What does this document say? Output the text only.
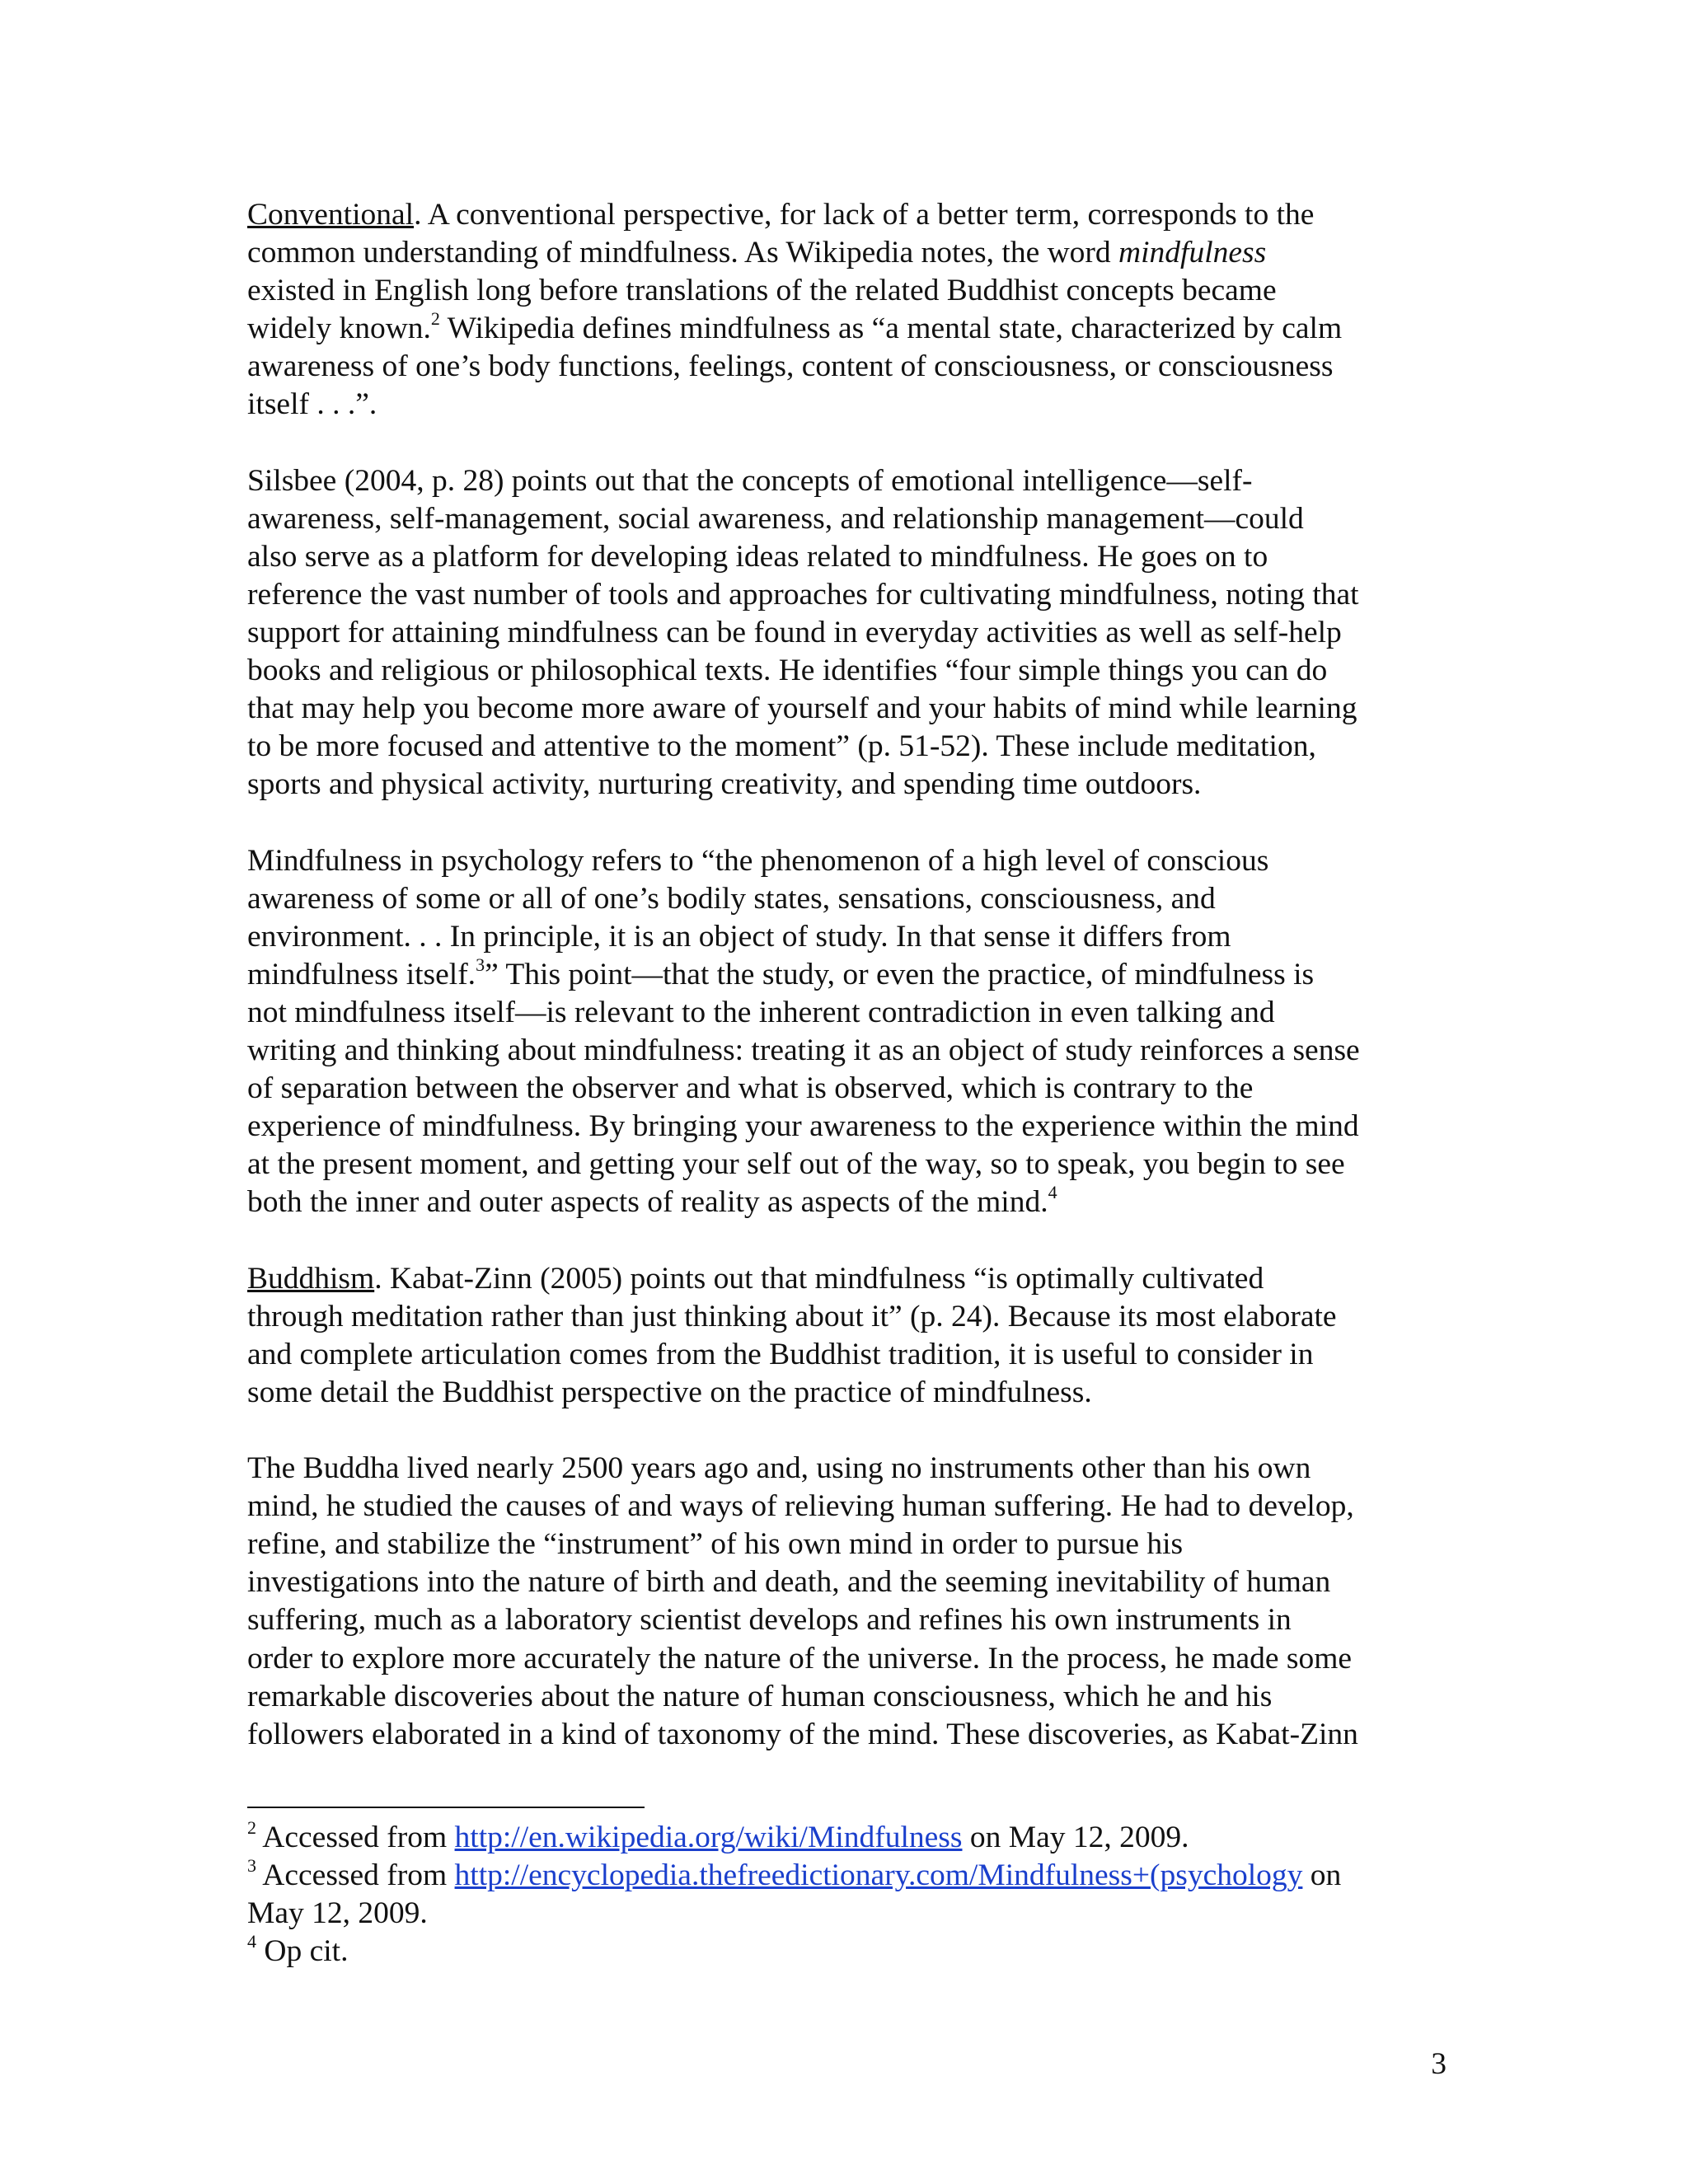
Conventional. A conventional perspective, for lack of a better term, corresponds to the
common understanding of mindfulness. As Wikipedia notes, the word mindfulness
existed in English long before translations of the related Buddhist concepts became
widely known.$^2$ Wikipedia defines mindfulness as “a mental state, characterized by calm
awareness of one’s body functions, feelings, content of consciousness, or consciousness
itself . . .”.
Silsbee (2004, p. 28) points out that the concepts of emotional intelligence—self-
awareness, self-management, social awareness, and relationship management—could
also serve as a platform for developing ideas related to mindfulness. He goes on to
reference the vast number of tools and approaches for cultivating mindfulness, noting that
support for attaining mindfulness can be found in everyday activities as well as self-help
books and religious or philosophical texts. He identifies “four simple things you can do
that may help you become more aware of yourself and your habits of mind while learning
to be more focused and attentive to the moment” (p. 51-52). These include meditation,
sports and physical activity, nurturing creativity, and spending time outdoors.
Mindfulness in psychology refers to “the phenomenon of a high level of conscious
awareness of some or all of one’s bodily states, sensations, consciousness, and
environment. . . In principle, it is an object of study. In that sense it differs from
mindfulness itself.$^3$” This point—that the study, or even the practice, of mindfulness is
not mindfulness itself—is relevant to the inherent contradiction in even talking and
writing and thinking about mindfulness: treating it as an object of study reinforces a sense
of separation between the observer and what is observed, which is contrary to the
experience of mindfulness. By bringing your awareness to the experience within the mind
at the present moment, and getting your self out of the way, so to speak, you begin to see
both the inner and outer aspects of reality as aspects of the mind.$^4$
Buddhism. Kabat-Zinn (2005) points out that mindfulness “is optimally cultivated
through meditation rather than just thinking about it” (p. 24). Because its most elaborate
and complete articulation comes from the Buddhist tradition, it is useful to consider in
some detail the Buddhist perspective on the practice of mindfulness.
The Buddha lived nearly 2500 years ago and, using no instruments other than his own
mind, he studied the causes of and ways of relieving human suffering. He had to develop,
refine, and stabilize the “instrument” of his own mind in order to pursue his
investigations into the nature of birth and death, and the seeming inevitability of human
suffering, much as a laboratory scientist develops and refines his own instruments in
order to explore more accurately the nature of the universe. In the process, he made some
remarkable discoveries about the nature of human consciousness, which he and his
followers elaborated in a kind of taxonomy of the mind. These discoveries, as Kabat-Zinn
$^2$ Accessed from http://en.wikipedia.org/wiki/Mindfulness on May 12, 2009.
$^3$ Accessed from http://encyclopedia.thefreedictionary.com/Mindfulness+(psychology on
May 12, 2009.
$^4$ Op cit.
3
